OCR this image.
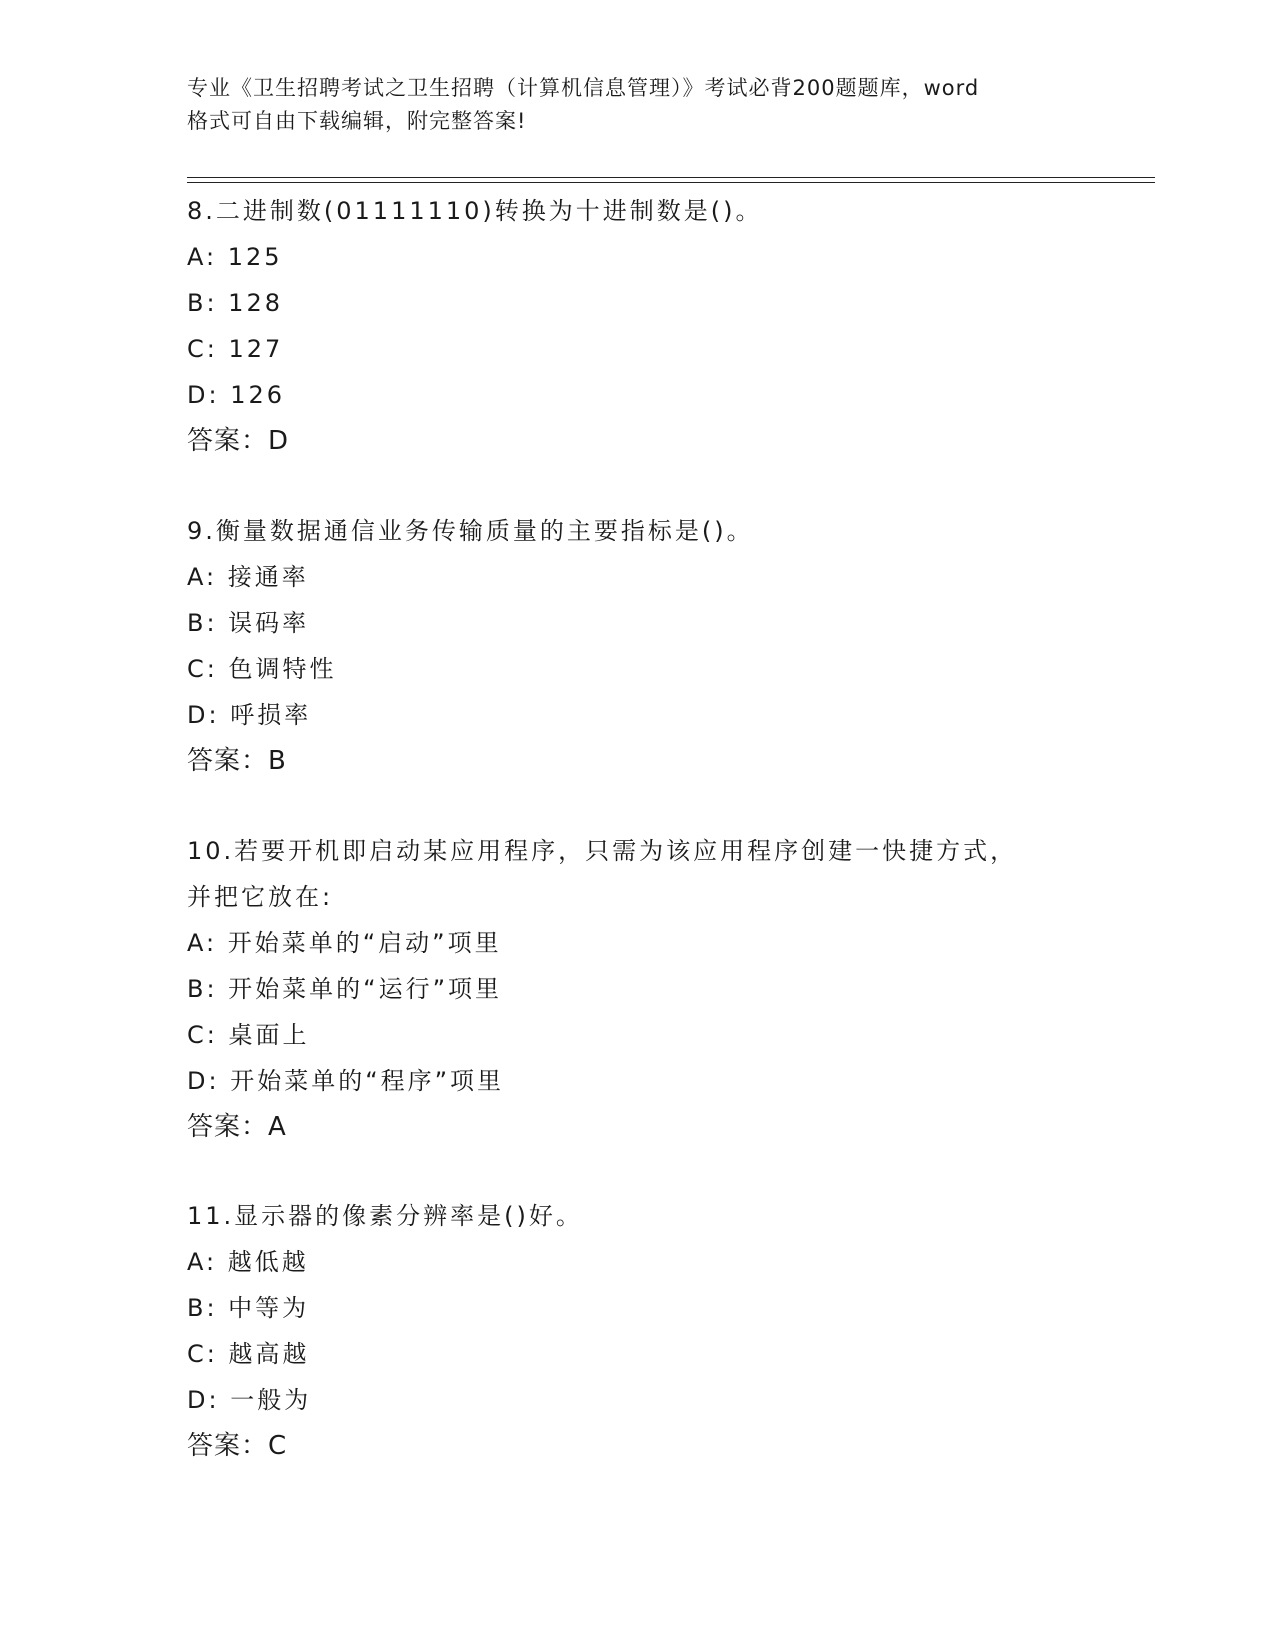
专业《卫生招聘考试之卫生招聘（计算机信息管理）》考试必背200题题库，word
格式可自由下载编辑，附完整答案!
8.二进制数(01111110)转换为十进制数是()。
A: 125
B: 128
C: 127
D: 126
答案：D
9.衡量数据通信业务传输质量的主要指标是()。
A: 接通率
B: 误码率
C: 色调特性
D: 呼损率
答案：B
10.若要开机即启动某应用程序，只需为该应用程序创建一快捷方式，
并把它放在:
A: 开始菜单的“启动”项里
B: 开始菜单的“运行”项里
C: 桌面上
D: 开始菜单的“程序”项里
答案：A
11.显示器的像素分辨率是()好。
A: 越低越
B: 中等为
C: 越高越
D: 一般为
答案：C
